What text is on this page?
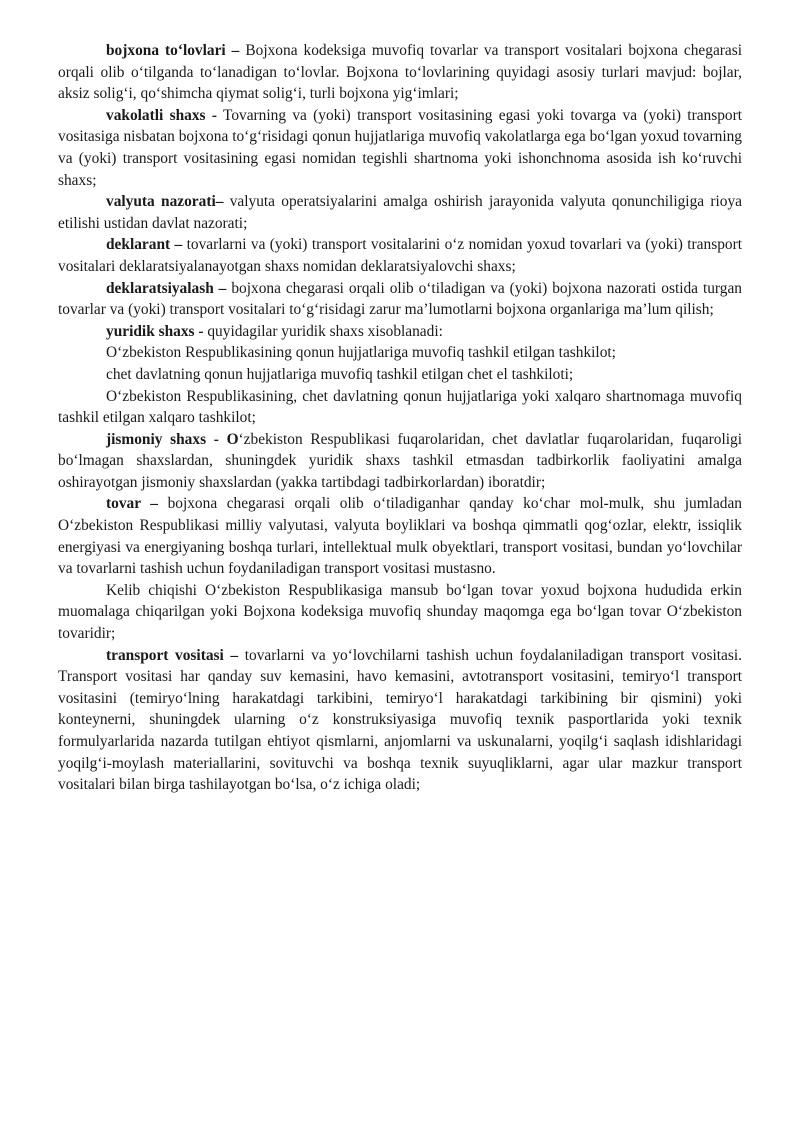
bojxona to‘lovlari – Bojxona kodeksiga muvofiq tovarlar va transport vositalari bojxona chegarasi orqali olib o‘tilganda to‘lanadigan to‘lovlar. Bojxona to‘lovlarining quyidagi asosiy turlari mavjud: bojlar, aksiz solig‘i, qo‘shimcha qiymat solig‘i, turli bojxona yig‘imlari;

vakolatli shaxs - Tovarning va (yoki) transport vositasining egasi yoki tovarga va (yoki) transport vositasiga nisbatan bojxona to‘g‘risidagi qonun hujjatlariga muvofiq vakolatlarga ega bo‘lgan yoxud tovarning va (yoki) transport vositasining egasi nomidan tegishli shartnoma yoki ishonchnoma asosida ish ko‘ruvchi shaxs;

valyuta nazorati– valyuta operatsiyalarini amalga oshirish jarayonida valyuta qonunchiligiga rioya etilishi ustidan davlat nazorati;

deklarant – tovarlarni va (yoki) transport vositalarini o‘z nomidan yoxud tovarlari va (yoki) transport vositalari deklaratsiyalanayotgan shaxs nomidan deklaratsiyalovchi shaxs;

deklaratsiyalash – bojxona chegarasi orqali olib o‘tiladigan va (yoki) bojxona nazorati ostida turgan tovarlar va (yoki) transport vositalari to‘g‘risidagi zarur ma’lumotlarni bojxona organlariga ma’lum qilish;

yuridik shaxs - quyidagilar yuridik shaxs xisoblanadi:

O‘zbekiston Respublikasining qonun hujjatlariga muvofiq tashkil etilgan tashkilot;

chet davlatning qonun hujjatlariga muvofiq tashkil etilgan chet el tashkiloti;

O‘zbekiston Respublikasining, chet davlatning qonun hujjatlariga yoki xalqaro shartnomaga muvofiq tashkil etilgan xalqaro tashkilot;

jismoniy shaxs - O‘zbekiston Respublikasi fuqarolaridan, chet davlatlar fuqarolaridan, fuqaroligi bo‘lmagan shaxslardan, shuningdek yuridik shaxs tashkil etmasdan tadbirkorlik faoliyatini amalga oshirayotgan jismoniy shaxslardan (yakka tartibdagi tadbirkorlardan) iboratdir;

tovar – bojxona chegarasi orqali olib o‘tiladiganhar qanday ko‘char mol-mulk, shu jumladan O‘zbekiston Respublikasi milliy valyutasi, valyuta boyliklari va boshqa qimmatli qog‘ozlar, elektr, issiqlik energiyasi va energiyaning boshqa turlari, intellektual mulk obyektlari, transport vositasi, bundan yo‘lovchilar va tovarlarni tashish uchun foydaniladigan transport vositasi mustasno.

Kelib chiqishi O‘zbekiston Respublikasiga mansub bo‘lgan tovar yoxud bojxona hududida erkin muomalaga chiqarilgan yoki Bojxona kodeksiga muvofiq shunday maqomga ega bo‘lgan tovar O‘zbekiston tovaridir;

transport vositasi – tovarlarni va yo‘lovchilarni tashish uchun foydalaniladigan transport vositasi. Transport vositasi har qanday suv kemasini, havo kemasini, avtotransport vositasini, temiryo‘l transport vositasini (temiryo‘lning harakatdagi tarkibini, temiryo‘l harakatdagi tarkibining bir qismini) yoki konteynerni, shuningdek ularning o‘z konstruksiyasiga muvofiq texnik pasportlarida yoki texnik formulyarlarida nazarda tutilgan ehtiyot qismlarni, anjomlarni va uskunalarni, yoqilg‘i saqlash idishlaridagi yoqilg‘i-moylash materiallarini, sovituvchi va boshqa texnik suyuqliklarni, agar ular mazkur transport vositalari bilan birga tashilayotgan bo‘lsa, o‘z ichiga oladi;
